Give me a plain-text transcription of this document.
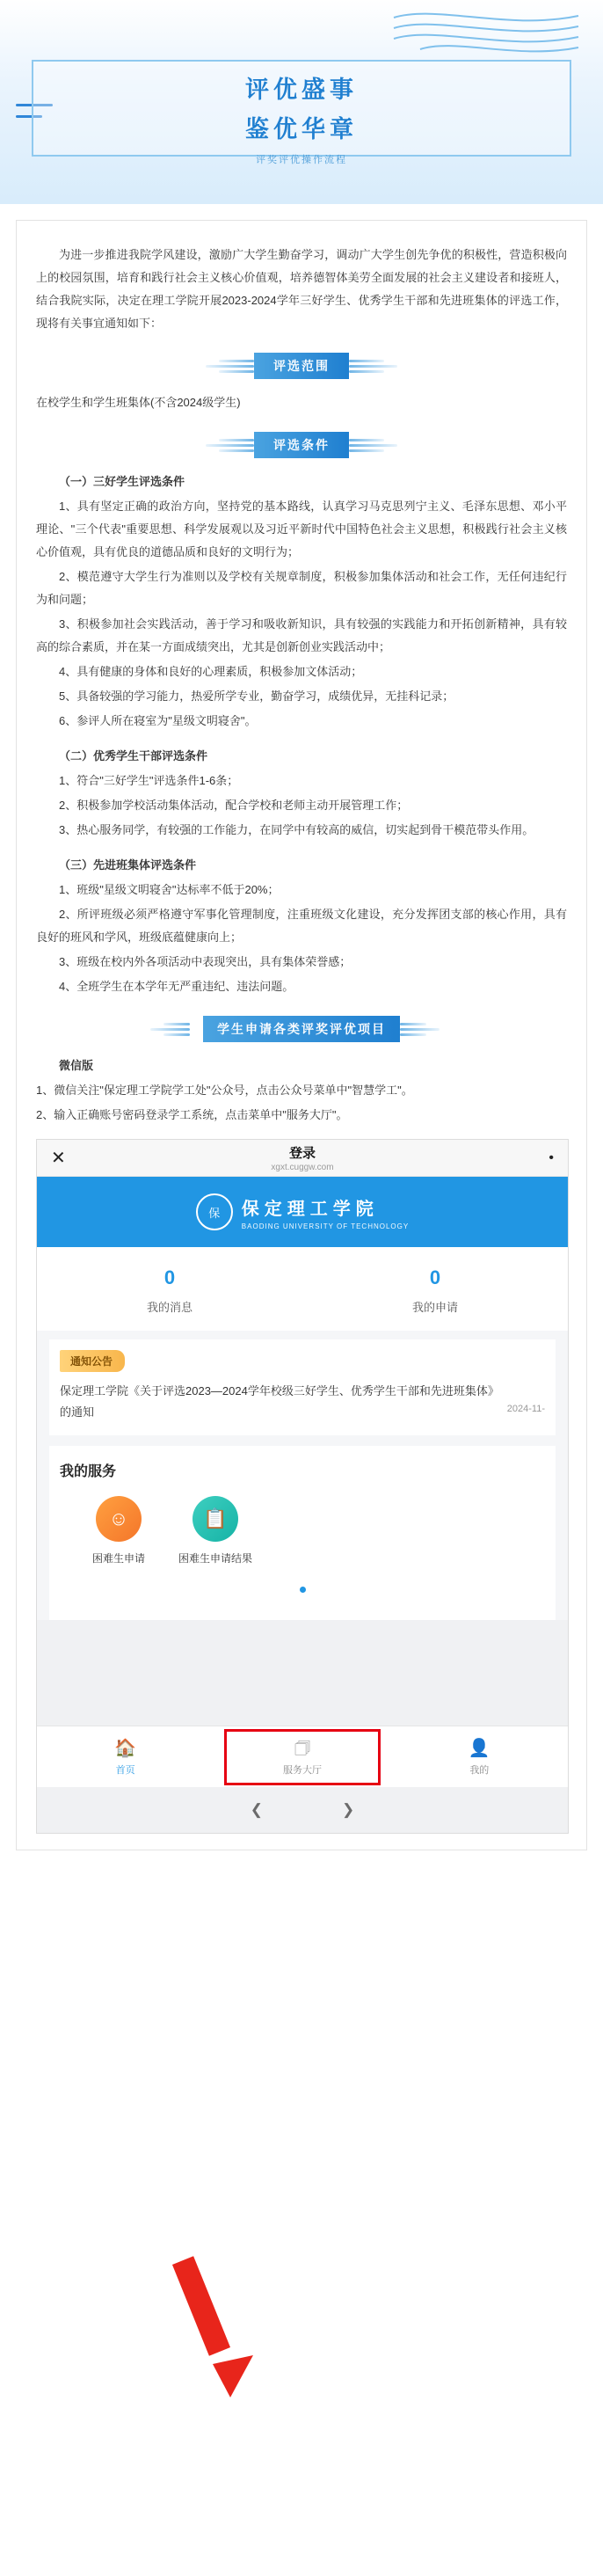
评优盛事
鉴优华章
评奖评优操作流程

为进一步推进我院学风建设，激励广大学生勤奋学习，调动广大学生创先争优的积极性，营造积极向上的校园氛围，培育和践行社会主义核心价值观，培养德智体美劳全面发展的社会主义建设者和接班人，结合我院实际，决定在理工学院开展2023-2024学年三好学生、优秀学生干部和先进班集体的评选工作，现将有关事宜通知如下：

评选范围

在校学生和学生班集体(不含2024级学生)

评选条件

（一）三好学生评选条件

1、具有坚定正确的政治方向，坚持党的基本路线，认真学习马克思列宁主义、毛泽东思想、邓小平理论、"三个代表"重要思想、科学发展观以及习近平新时代中国特色社会主义思想，积极践行社会主义核心价值观，具有优良的道德品质和良好的文明行为；

2、模范遵守大学生行为准则以及学校有关规章制度，积极参加集体活动和社会工作，无任何违纪行为和问题；

3、积极参加社会实践活动，善于学习和吸收新知识，具有较强的实践能力和开拓创新精神，具有较高的综合素质，并在某一方面成绩突出，尤其是创新创业实践活动中；

4、具有健康的身体和良好的心理素质，积极参加文体活动；

5、具备较强的学习能力，热爱所学专业，勤奋学习，成绩优异，无挂科记录；

6、参评人所在寝室为"星级文明寝舍"。

（二）优秀学生干部评选条件

1、符合"三好学生"评选条件1-6条；

2、积极参加学校活动集体活动，配合学校和老师主动开展管理工作；

3、热心服务同学，有较强的工作能力，在同学中有较高的威信，切实起到骨干模范带头作用。

（三）先进班集体评选条件

1、班级"星级文明寝舍"达标率不低于20%；

2、所评班级必须严格遵守军事化管理制度，注重班级文化建设，充分发挥团支部的核心作用，具有良好的班风和学风，班级底蕴健康向上；

3、班级在校内外各项活动中表现突出，具有集体荣誉感；

4、全班学生在本学年无严重违纪、违法问题。

学生申请各类评奖评优项目

微信版

1、微信关注"保定理工学院学工处"公众号，点击公众号菜单中"智慧学工"。

2、输入正确账号密码登录学工系统，点击菜单中"服务大厅"。

✕	登录
xgxt.cuggw.com
•
保 保定理工学院
BAODING UNIVERSITY OF TECHNOLOGY
0
我的消息
0
我的申请
通知公告
保定理工学院《关于评选2023—2024学年校级三好学生、优秀学生干部和先进班集体》的通知	2024-11-
我的服务
☺
困难生申请
📋
困难生申请结果
🏠
首页
🗇
服务大厅
👤
我的
❮	❯
